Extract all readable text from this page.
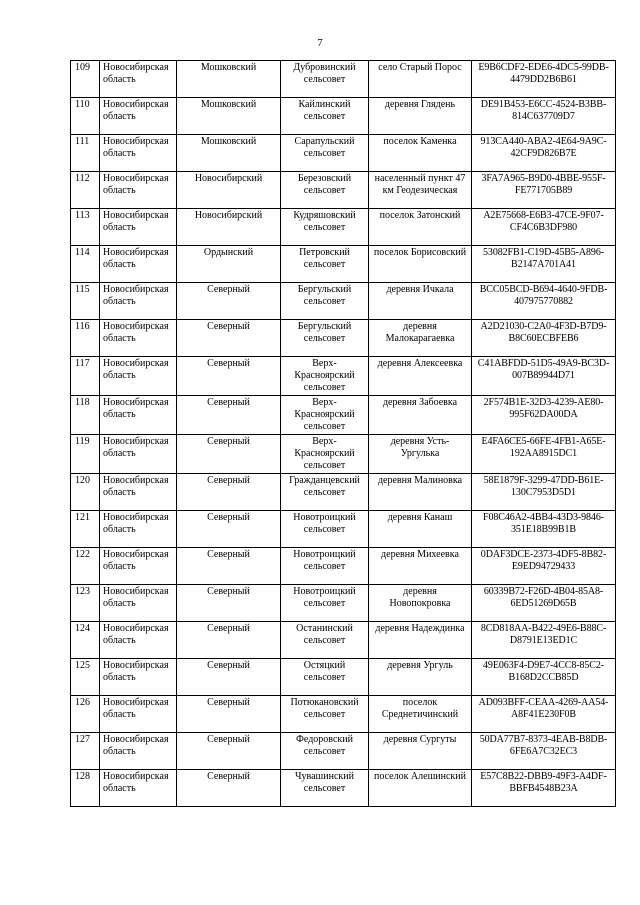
7
109	Новосибирская область	Мошковский	Дубровинский сельсовет	село Старый Порос	E9B6CDF2-EDE6-4DC5-99DB-4479DD2B6B61
110	Новосибирская область	Мошковский	Кайлинский сельсовет	деревня Глядень	DE91B453-E6CC-4524-B3BB-814C637709D7
111	Новосибирская область	Мошковский	Сарапульский сельсовет	поселок Каменка	913CA440-ABA2-4E64-9A9C-42CF9D826B7E
112	Новосибирская область	Новосибирский	Березовский сельсовет	населенный пункт 47 км Геодезическая	3FA7A965-B9D0-4BBE-955F-FE771705B89
113	Новосибирская область	Новосибирский	Кудряшовский сельсовет	поселок Затонский	A2E75668-E6B3-47CE-9F07-CF4C6B3DF980
114	Новосибирская область	Ордынский	Петровский сельсовет	поселок Борисовский	53082FB1-C19D-45B5-A896-B2147A701A41
115	Новосибирская область	Северный	Бергульский сельсовет	деревня Ичкала	BCC05BCD-B694-4640-9FDB-407975770882
116	Новосибирская область	Северный	Бергульский сельсовет	деревня Малокарагаевка	A2D21030-C2A0-4F3D-B7D9-B8C60ECBFEB6
117	Новосибирская область	Северный	Верх-Красноярский сельсовет	деревня Алексеевка	C41ABFDD-51D5-49A9-BC3D-007B89944D71
118	Новосибирская область	Северный	Верх-Красноярский сельсовет	деревня Забоевка	2F574B1E-32D3-4239-AE80-995F62DA00DA
119	Новосибирская область	Северный	Верх-Красноярский сельсовет	деревня Усть-Ургулька	E4FA6CE5-66FE-4FB1-A65E-192AA8915DC1
120	Новосибирская область	Северный	Гражданцевский сельсовет	деревня Малиновка	58E1879F-3299-47DD-B61E-130C7953D5D1
121	Новосибирская область	Северный	Новотроицкий сельсовет	деревня Канаш	F08C46A2-4BB4-43D3-9846-351E18B99B1B
122	Новосибирская область	Северный	Новотроицкий сельсовет	деревня Михеевка	0DAF3DCE-2373-4DF5-8B82-E9ED94729433
123	Новосибирская область	Северный	Новотроицкий сельсовет	деревня Новопокровка	60339B72-F26D-4B04-85A8-6ED51269D65B
124	Новосибирская область	Северный	Останинский сельсовет	деревня Надеждинка	8CD818AA-B422-49E6-B88C-D8791E13ED1C
125	Новосибирская область	Северный	Остяцкий сельсовет	деревня Ургуль	49E063F4-D9E7-4CC8-85C2-B168D2CCB85D
126	Новосибирская область	Северный	Потюкановский сельсовет	поселок Среднетичинский	AD093BFF-CEAA-4269-AA54-A8F41E230F0B
127	Новосибирская область	Северный	Федоровский сельсовет	деревня Сургуты	50DA77B7-8373-4EAB-B8DB-6FE6A7C32EC3
128	Новосибирская область	Северный	Чувашинский сельсовет	поселок Алешинский	E57C8B22-DBB9-49F3-A4DF-BBFB4548B23A
